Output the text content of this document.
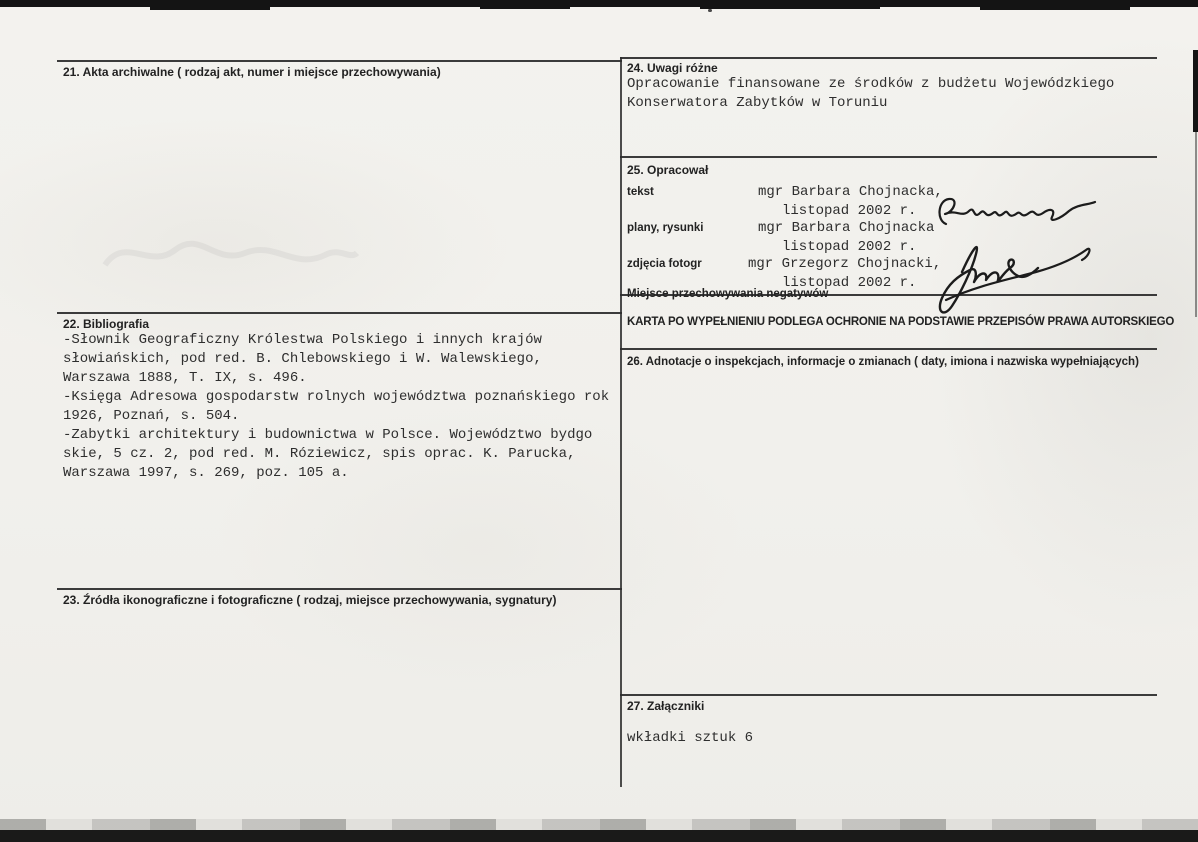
21. Akta archiwalne ( rodzaj akt, numer i miejsce przechowywania)
22. Bibliografia
-Słownik Geograficzny Królestwa Polskiego i innych krajów
słowiańskich, pod red. B. Chlebowskiego i W. Walewskiego,
Warszawa 1888, T. IX, s. 496.
-Księga Adresowa gospodarstw rolnych województwa poznańskiego rok
1926, Poznań, s. 504.
-Zabytki architektury i budownictwa w Polsce. Województwo bydgo
skie, 5 cz. 2, pod red. M. Róziewicz, spis oprac. K. Parucka,
Warszawa 1997, s. 269, poz. 105 a.
23. Źródła ikonograficzne i fotograficzne ( rodzaj, miejsce przechowywania, sygnatury)
24. Uwagi różne
Opracowanie finansowane ze środków z budżetu Wojewódzkiego
Konserwatora Zabytków w Toruniu
25. Opracował
tekst	mgr Barbara Chojnacka,
listopad 2002 r.
plany, rysunki	mgr Barbara Chojnacka
listopad 2002 r.
zdjęcia fotogr	mgr Grzegorz Chojnacki,
listopad 2002 r.
Miejsce przechowywania negatywów
KARTA PO WYPEŁNIENIU PODLEGA OCHRONIE NA PODSTAWIE PRZEPISÓW PRAWA AUTORSKIEGO
26. Adnotacje o inspekcjach, informacje o zmianach ( daty, imiona i nazwiska wypełniających)
27. Załączniki
wkładki sztuk 6
